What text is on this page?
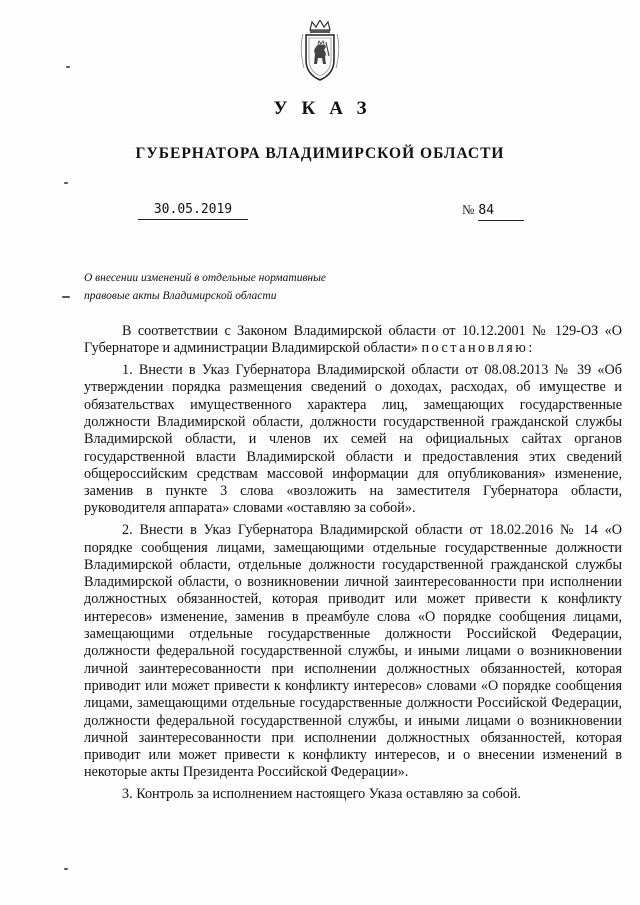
УКАЗ
ГУБЕРНАТОРА ВЛАДИМИРСКОЙ ОБЛАСТИ
30.05.2019	№ 84
О внесении изменений в отдельные нормативные
правовые акты Владимирской области

В соответствии с Законом Владимирской области от 10.12.2001 № 129-ОЗ «О Губернаторе и администрации Владимирской области» постановляю:

1. Внести в Указ Губернатора Владимирской области от 08.08.2013 № 39 «Об утверждении порядка размещения сведений о доходах, расходах, об имуществе и обязательствах имущественного характера лиц, замещающих государственные должности Владимирской области, должности государственной гражданской службы Владимирской области, и членов их семей на официальных сайтах органов государственной власти Владимирской области и предоставления этих сведений общероссийским средствам массовой информации для опубликования» изменение, заменив в пункте 3 слова «возложить на заместителя Губернатора области, руководителя аппарата» словами «оставляю за собой».

2. Внести в Указ Губернатора Владимирской области от 18.02.2016 № 14 «О порядке сообщения лицами, замещающими отдельные государственные должности Владимирской области, отдельные должности государственной гражданской службы Владимирской области, о возникновении личной заинтересованности при исполнении должностных обязанностей, которая приводит или может привести к конфликту интересов» изменение, заменив в преамбуле слова «О порядке сообщения лицами, замещающими отдельные государственные должности Российской Федерации, должности федеральной государственной службы, и иными лицами о возникновении личной заинтересованности при исполнении должностных обязанностей, которая приводит или может привести к конфликту интересов» словами «О порядке сообщения лицами, замещающими отдельные государственные должности Российской Федерации, должности федеральной государственной службы, и иными лицами о возникновении личной заинтересованности при исполнении должностных обязанностей, которая приводит или может привести к конфликту интересов, и о внесении изменений в некоторые акты Президента Российской Федерации».

3. Контроль за исполнением настоящего Указа оставляю за собой.
